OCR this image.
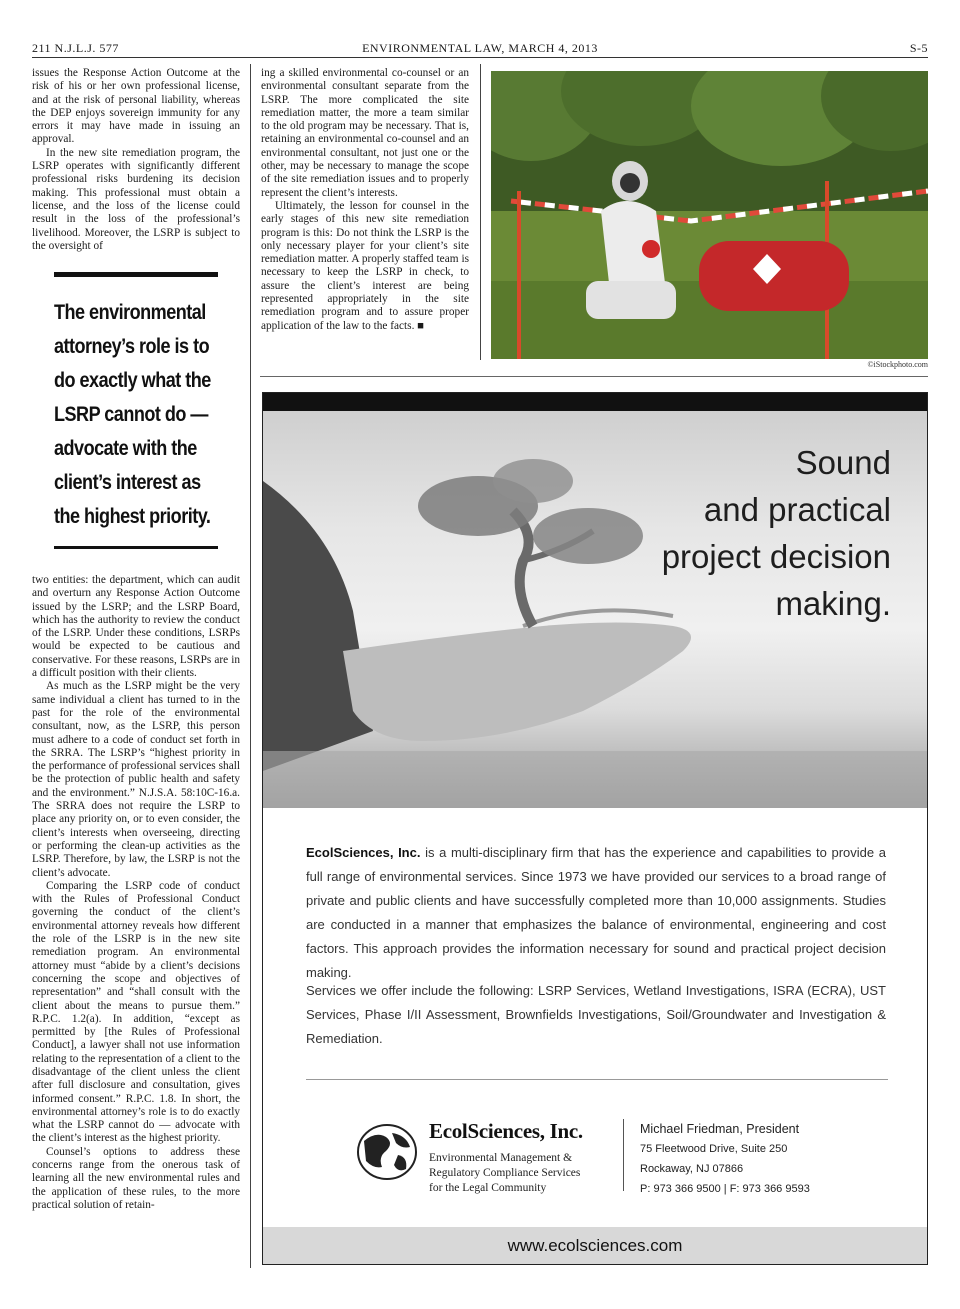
211 N.J.L.J. 577	ENVIRONMENTAL LAW, MARCH 4, 2013	S-5

issues the Response Action Outcome at the risk of his or her own professional license, and at the risk of personal liability, whereas the DEP enjoys sovereign immunity for any errors it may have made in issuing an approval.

In the new site remediation program, the LSRP operates with significantly different professional risks burdening its decision making. This professional must obtain a license, and the loss of the license could result in the loss of the professional’s livelihood. Moreover, the LSRP is subject to the oversight of

The environmental attorney’s role is to do exactly what the LSRP cannot do — advocate with the client’s interest as the highest priority.

two entities: the department, which can audit and overturn any Response Action Outcome issued by the LSRP; and the LSRP Board, which has the authority to review the conduct of the LSRP. Under these conditions, LSRPs would be expected to be cautious and conservative. For these reasons, LSRPs are in a difficult position with their clients.

As much as the LSRP might be the very same individual a client has turned to in the past for the role of the environmental consultant, now, as the LSRP, this person must adhere to a code of conduct set forth in the SRRA. The LSRP’s “highest priority in the performance of professional services shall be the protection of public health and safety and the environment.” N.J.S.A. 58:10C-16.a. The SRRA does not require the LSRP to place any priority on, or to even consider, the client’s interests when overseeing, directing or performing the clean-up activities as the LSRP. Therefore, by law, the LSRP is not the client’s advocate.

Comparing the LSRP code of conduct with the Rules of Professional Conduct governing the conduct of the client’s environmental attorney reveals how different the role of the LSRP is in the new site remediation program. An environmental attorney must “abide by a client’s decisions concerning the scope and objectives of representation” and “shall consult with the client about the means to pursue them.” R.P.C. 1.2(a). In addition, “except as permitted by [the Rules of Professional Conduct], a lawyer shall not use information relating to the representation of a client to the disadvantage of the client unless the client after full disclosure and consultation, gives informed consent.” R.P.C. 1.8. In short, the environmental attorney’s role is to do exactly what the LSRP cannot do — advocate with the client’s interest as the highest priority.

Counsel’s options to address these concerns range from the onerous task of learning all the new environmental rules and the application of these rules, to the more practical solution of retain-

ing a skilled environmental co-counsel or an environmental consultant separate from the LSRP. The more complicated the site remediation matter, the more a team similar to the old program may be necessary. That is, retaining an environmental co-counsel and an environmental consultant, not just one or the other, may be necessary to manage the scope of the site remediation issues and to properly represent the client’s interests.

Ultimately, the lesson for counsel in the early stages of this new site remediation program is this: Do not think the LSRP is the only necessary player for your client’s site remediation matter. A properly staffed team is necessary to keep the LSRP in check, to assure the client’s interest are being represented appropriately in the site remediation program and to assure proper application of the law to the facts. ■

©iStockphoto.com
Sound
and practical
project decision
making.
EcolSciences, Inc. is a multi-disciplinary firm that has the experience and capabilities to provide a full range of environmental services. Since 1973 we have provided our services to a broad range of private and public clients and have successfully completed more than 10,000 assignments. Studies are conducted in a manner that emphasizes the balance of environmental, engineering and cost factors. This approach provides the information necessary for sound and practical project decision making.
Services we offer include the following: LSRP Services, Wetland Investigations, ISRA (ECRA), UST Services, Phase I/II Assessment, Brownfields Investigations, Soil/Groundwater and Investigation & Remediation.
EcolSciences, Inc.
Environmental Management &
Regulatory Compliance Services
for the Legal Community
Michael Friedman, President
75 Fleetwood Drive, Suite 250
Rockaway, NJ 07866
P: 973 366 9500 | F: 973 366 9593
www.ecolsciences.com
